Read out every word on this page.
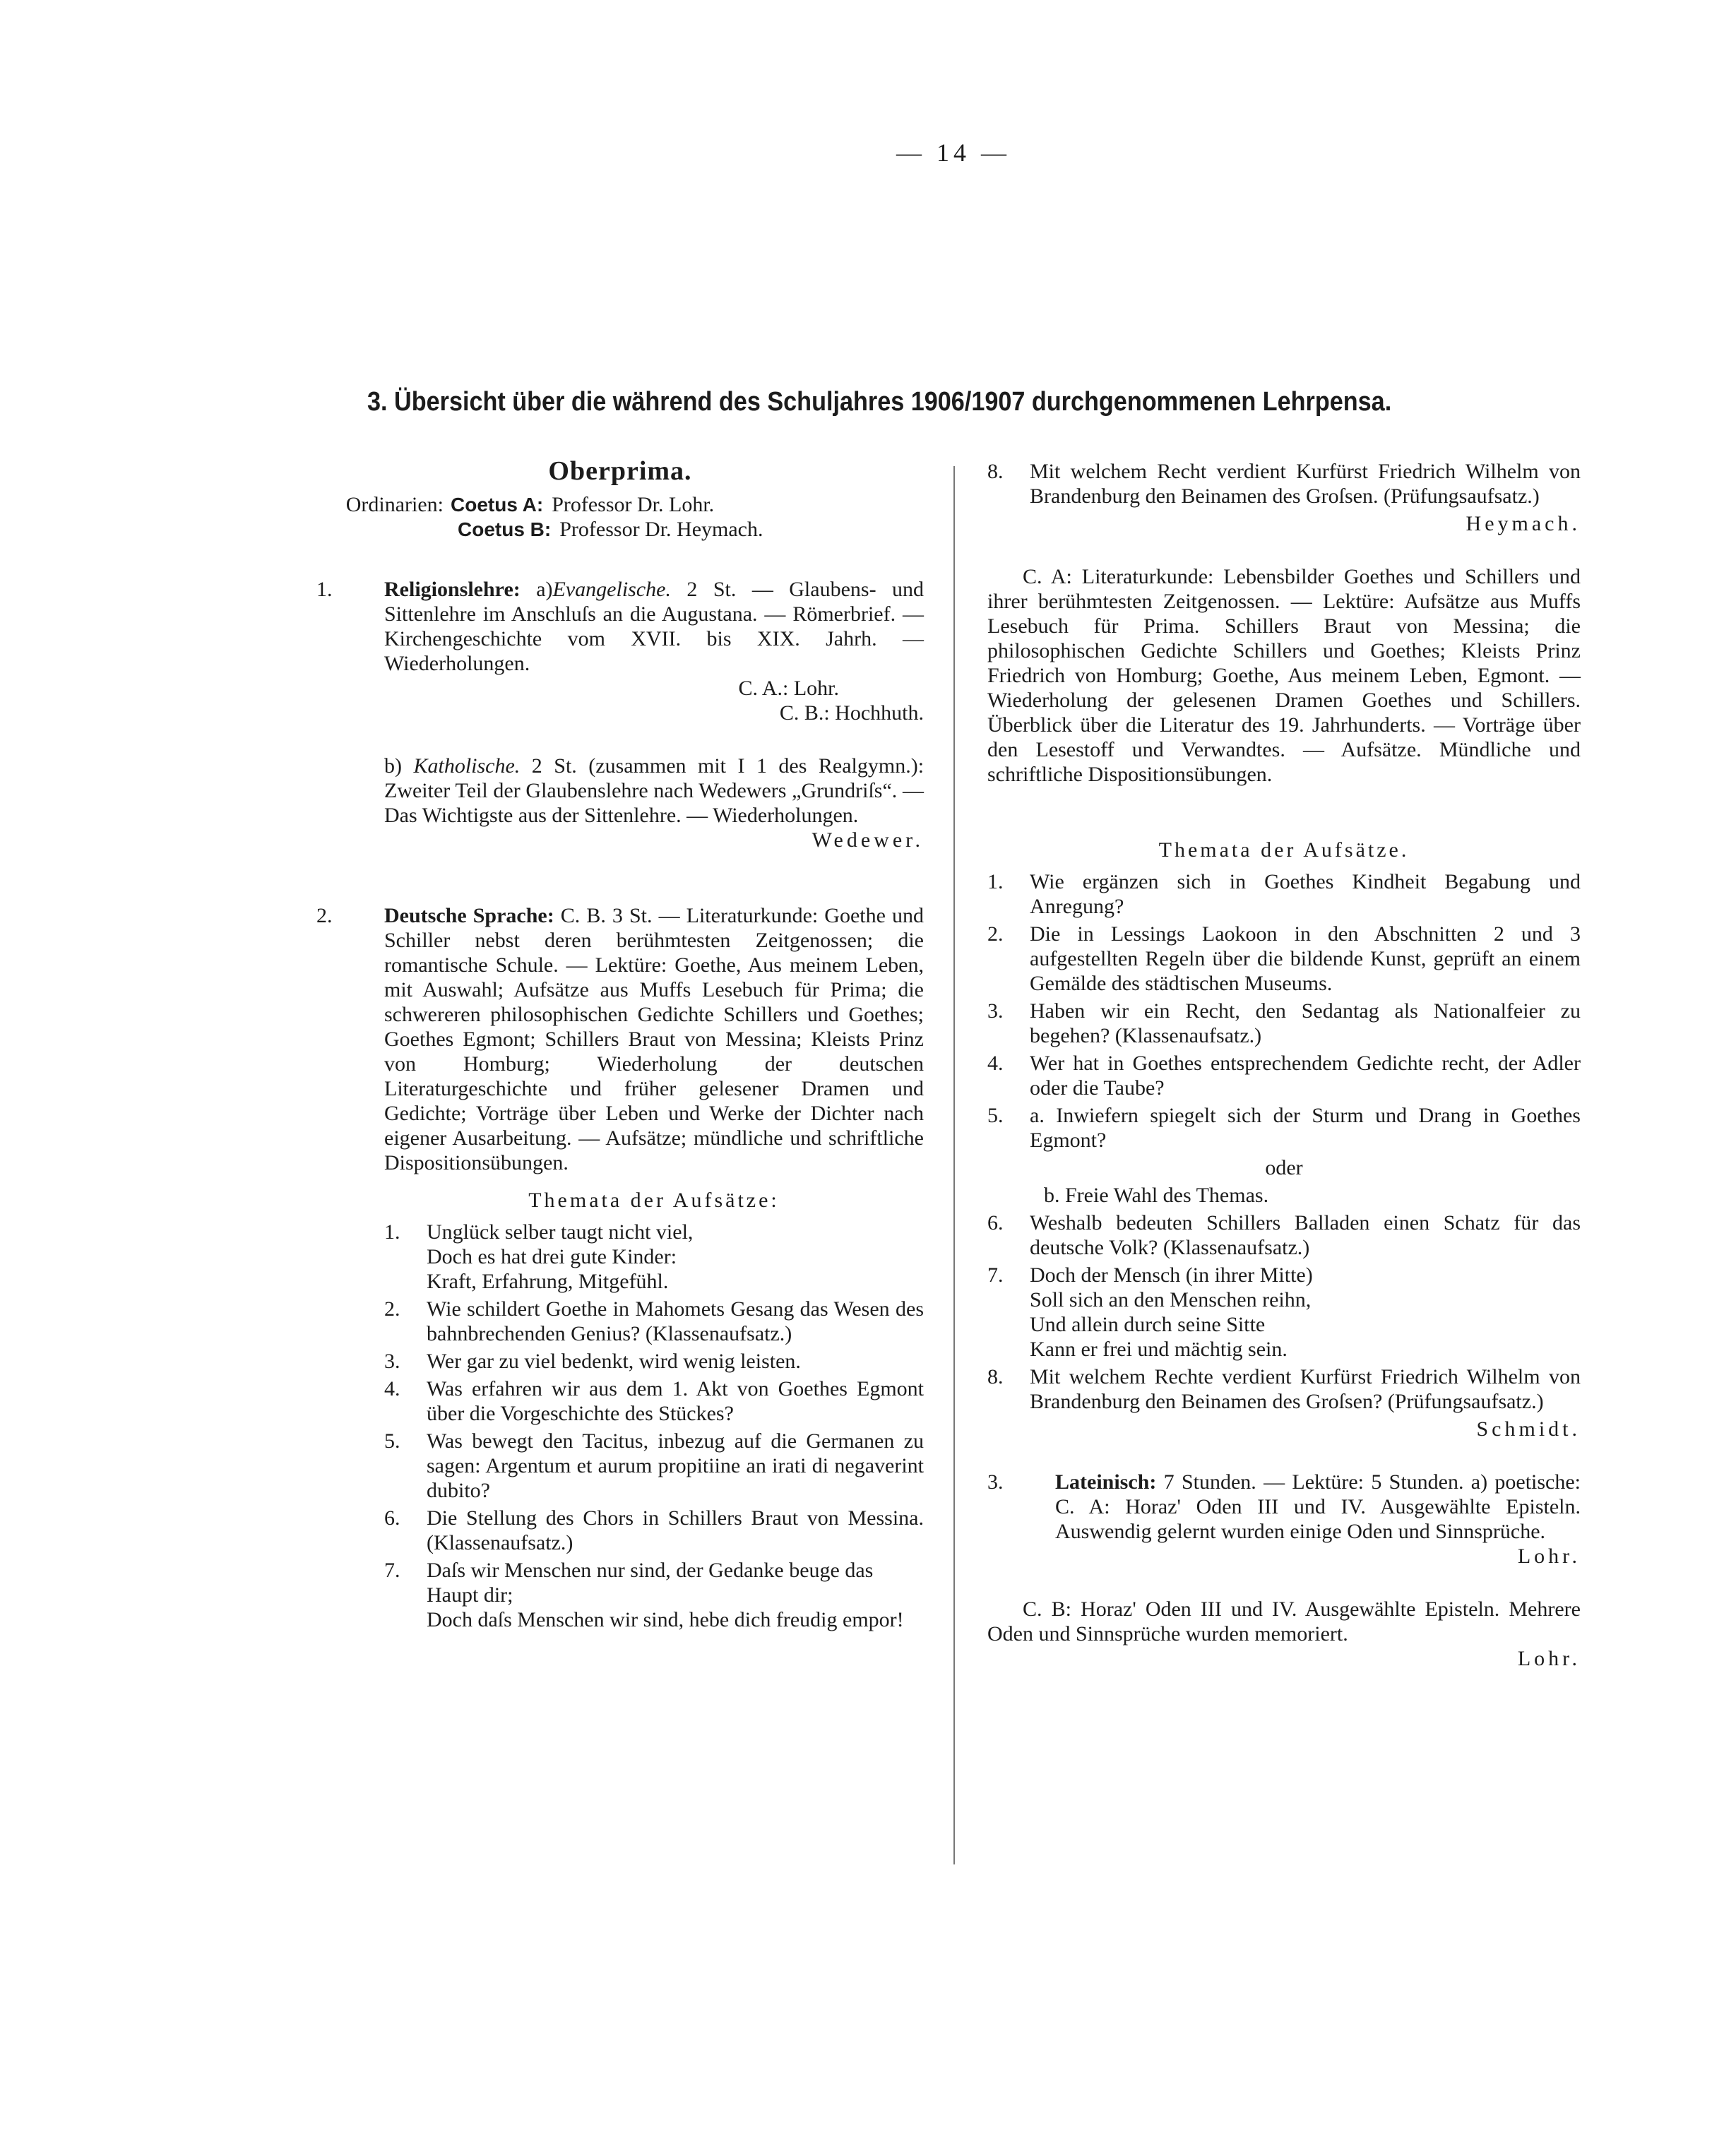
— 14 —
3. Übersicht über die während des Schuljahres 1906/1907 durchgenommenen Lehrpensa.
Oberprima.
Ordinarien: Coetus A: Professor Dr. Lohr.
Coetus B: Professor Dr. Heymach.

1. Religionslehre: a)Evangelische. 2 St. — Glaubens- und Sittenlehre im Anschluſs an die Augustana. — Römerbrief. — Kirchengeschichte vom XVII. bis XIX. Jahrh. — Wiederholungen.

C. A.: Lohr.

C. B.: Hochhuth.

b) Katholische. 2 St. (zusammen mit I 1 des Realgymn.): Zweiter Teil der Glaubenslehre nach Wedewers „Grundriſs“. — Das Wichtigste aus der Sittenlehre. — Wiederholungen.

Wedewer.

2. Deutsche Sprache: C. B. 3 St. — Literaturkunde: Goethe und Schiller nebst deren berühmtesten Zeitgenossen; die romantische Schule. — Lektüre: Goethe, Aus meinem Leben, mit Auswahl; Aufsätze aus Muffs Lesebuch für Prima; die schwereren philosophischen Gedichte Schillers und Goethes; Goethes Egmont; Schillers Braut von Messina; Kleists Prinz von Homburg; Wiederholung der deutschen Literaturgeschichte und früher gelesener Dramen und Gedichte; Vorträge über Leben und Werke der Dichter nach eigener Ausarbeitung. — Aufsätze; mündliche und schriftliche Dispositionsübungen.

Themata der Aufsätze:
1.	Unglück selber taugt nicht viel,
Doch es hat drei gute Kinder:
Kraft, Erfahrung, Mitgefühl.
2.	Wie schildert Goethe in Mahomets Gesang das Wesen des bahnbrechenden Genius? (Klassenaufsatz.)
3.	Wer gar zu viel bedenkt, wird wenig leisten.
4.	Was erfahren wir aus dem 1. Akt von Goethes Egmont über die Vorgeschichte des Stückes?
5.	Was bewegt den Tacitus, inbezug auf die Germanen zu sagen: Argentum et aurum propitiine an irati di negaverint dubito?
6.	Die Stellung des Chors in Schillers Braut von Messina. (Klassenaufsatz.)
7.	Daſs wir Menschen nur sind, der Gedanke beuge das Haupt dir;
Doch daſs Menschen wir sind, hebe dich freudig empor!
8.	Mit welchem Recht verdient Kurfürst Friedrich Wilhelm von Brandenburg den Beinamen des Groſsen. (Prüfungsaufsatz.)

Heymach.

C. A: Literaturkunde: Lebensbilder Goethes und Schillers und ihrer berühmtesten Zeitgenossen. — Lektüre: Aufsätze aus Muffs Lesebuch für Prima. Schillers Braut von Messina; die philosophischen Gedichte Schillers und Goethes; Kleists Prinz Friedrich von Homburg; Goethe, Aus meinem Leben, Egmont. — Wiederholung der gelesenen Dramen Goethes und Schillers. Überblick über die Literatur des 19. Jahrhunderts. — Vorträge über den Lesestoff und Verwandtes. — Aufsätze. Mündliche und schriftliche Dispositionsübungen.

Themata der Aufsätze.
1.	Wie ergänzen sich in Goethes Kindheit Begabung und Anregung?
2.	Die in Lessings Laokoon in den Abschnitten 2 und 3 aufgestellten Regeln über die bildende Kunst, geprüft an einem Gemälde des städtischen Museums.
3.	Haben wir ein Recht, den Sedantag als Nationalfeier zu begehen? (Klassenaufsatz.)
4.	Wer hat in Goethes entsprechendem Gedichte recht, der Adler oder die Taube?
5.	a. Inwiefern spiegelt sich der Sturm und Drang in Goethes Egmont?
oder
b. Freie Wahl des Themas.
6.	Weshalb bedeuten Schillers Balladen einen Schatz für das deutsche Volk? (Klassenaufsatz.)
7.	Doch der Mensch (in ihrer Mitte)
Soll sich an den Menschen reihn,
Und allein durch seine Sitte
Kann er frei und mächtig sein.
8.	Mit welchem Rechte verdient Kurfürst Friedrich Wilhelm von Brandenburg den Beinamen des Groſsen? (Prüfungsaufsatz.)

Schmidt.

3. Lateinisch: 7 Stunden. — Lektüre: 5 Stunden. a) poetische: C. A: Horaz' Oden III und IV. Ausgewählte Episteln. Auswendig gelernt wurden einige Oden und Sinnsprüche.

Lohr.

C. B: Horaz' Oden III und IV. Ausgewählte Episteln. Mehrere Oden und Sinnsprüche wurden memoriert.

Lohr.
